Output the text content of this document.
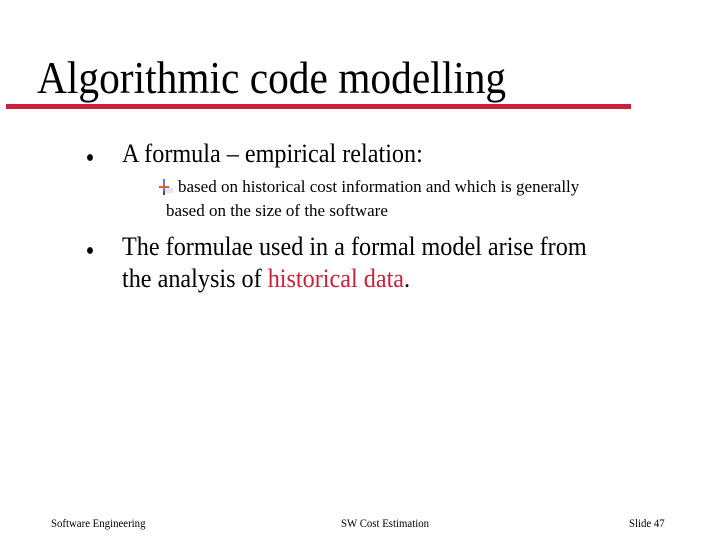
Algorithmic code modelling
A formula – empirical relation:
based on historical cost information and which is generally
based on the size of the software
The formulae used in a formal model arise from
the analysis of historical data.
Software Engineering	SW Cost Estimation	Slide 47
